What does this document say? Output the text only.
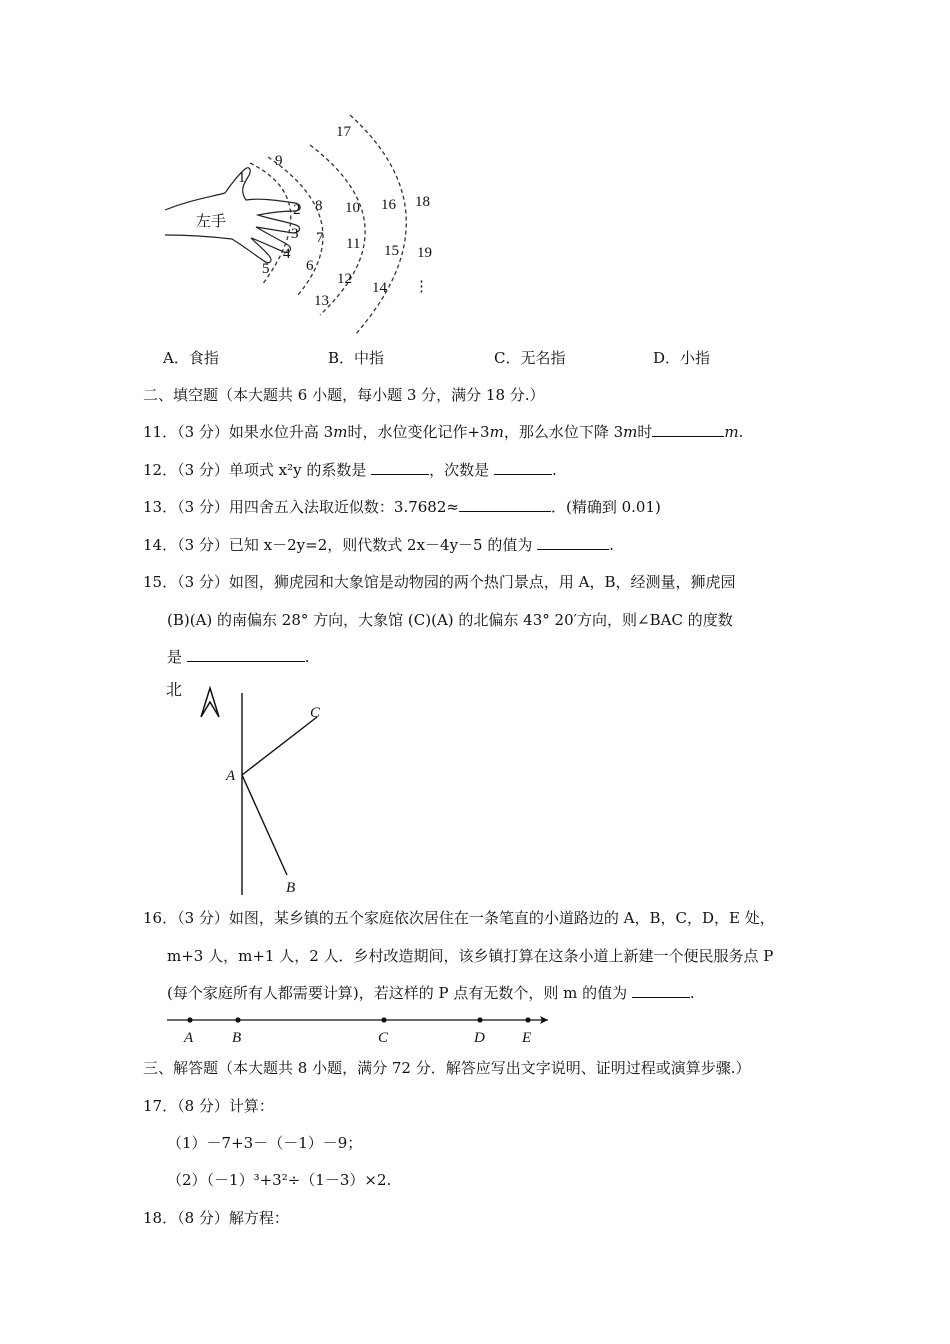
左手
1
2
3
4
5 6
7
8
9
10
11
12
13
14
15
16
17
18
19
⋮
A．食指	B．中指	C．无名指	D．小指
二、填空题（本大题共 6 小题，每小题 3 分，满分 18 分.）
11．（3 分）如果水位升高 3m时，水位变化记作+3m，那么水位下降 3m时	m.
12．（3 分）单项式 x²y 的系数是	，次数是	.
13．（3 分）用四舍五入法取近似数：3.7682≈	．(精确到 0.01)
14．（3 分）已知 x－2y=2，则代数式 2x－4y－5 的值为	.
15．（3 分）如图，狮虎园和大象馆是动物园的两个热门景点，用 A，B，经测量，狮虎园
(B)(A) 的南偏东 28° 方向，大象馆 (C)(A) 的北偏东 43° 20′方向，则∠BAC 的度数
是	.
北
C
A
B
16．（3 分）如图，某乡镇的五个家庭依次居住在一条笔直的小道路边的 A，B，C，D，E 处，
m+3 人，m+1 人，2 人．乡村改造期间，该乡镇打算在这条小道上新建一个便民服务点 P
(每个家庭所有人都需要计算)，若这样的 P 点有无数个，则 m 的值为	.
A	B	C	D E
三、解答题（本大题共 8 小题，满分 72 分．解答应写出文字说明、证明过程或演算步骤.）
17．（8 分）计算：
（1）－7+3－（－1）－9；
（2）（－1）³+3²÷（1－3）×2.
18．（8 分）解方程：
